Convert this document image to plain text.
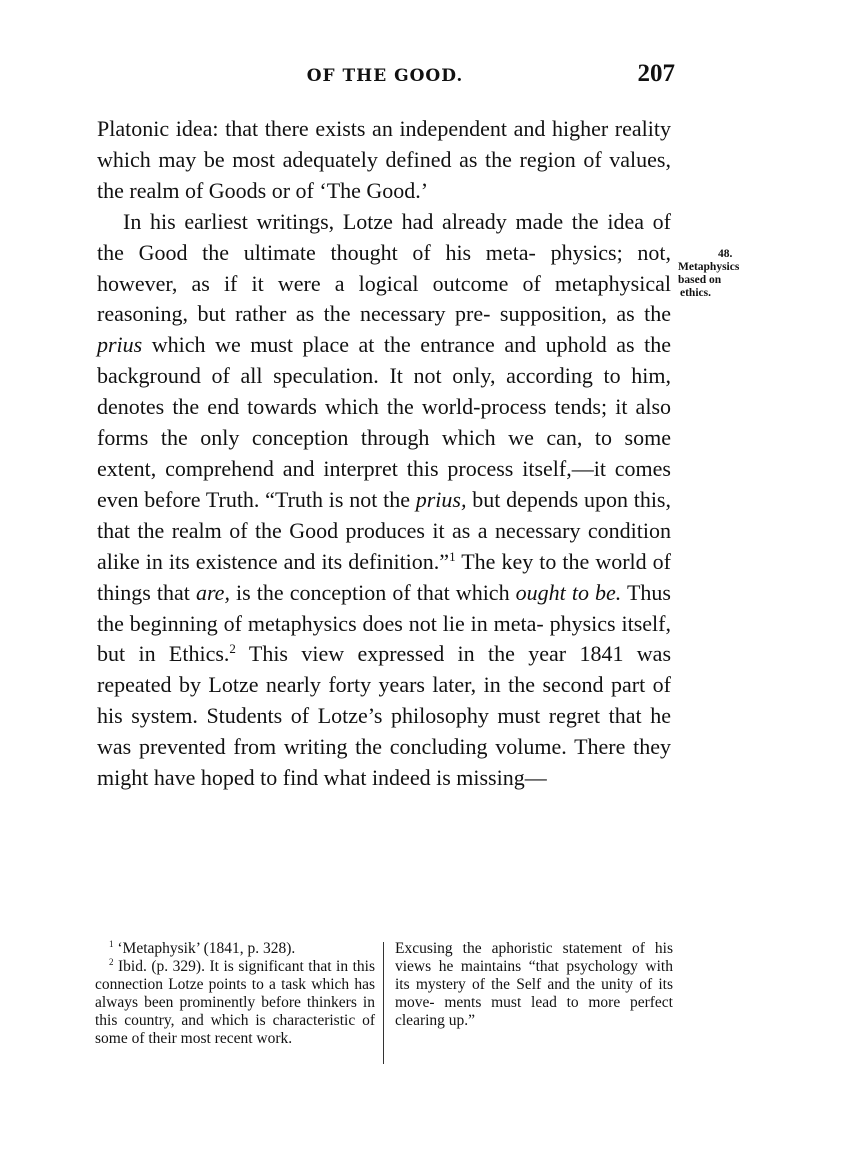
OF THE GOOD.	207

Platonic idea: that there exists an independent and higher reality which may be most adequately defined as the region of values, the realm of Goods or of ‘The Good.’

In his earliest writings, Lotze had already made the idea of the Good the ultimate thought of his meta- physics; not, however, as if it were a logical outcome of metaphysical reasoning, but rather as the necessary pre- supposition, as the prius which we must place at the entrance and uphold as the background of all speculation. It not only, according to him, denotes the end towards which the world-process tends; it also forms the only conception through which we can, to some extent, comprehend and interpret this process itself,—it comes even before Truth. “Truth is not the prius, but depends upon this, that the realm of the Good produces it as a necessary condition alike in its existence and its definition.”$^1$ The key to the world of things that are, is the conception of that which ought to be. Thus the beginning of metaphysics does not lie in meta- physics itself, but in Ethics.$^2$ This view expressed in the year 1841 was repeated by Lotze nearly forty years later, in the second part of his system. Students of Lotze’s philosophy must regret that he was prevented from writing the concluding volume. There they might have hoped to find what indeed is missing—

48.
Metaphysics
based on
ethics.

$^1$ ‘Metaphysik’ (1841, p. 328).

$^2$ Ibid. (p. 329). It is significant that in this connection Lotze points to a task which has always been prominently before thinkers in this country, and which is characteristic of some of their most recent work.

Excusing the aphoristic statement of his views he maintains “that psychology with its mystery of the Self and the unity of its move- ments must lead to more perfect clearing up.”
